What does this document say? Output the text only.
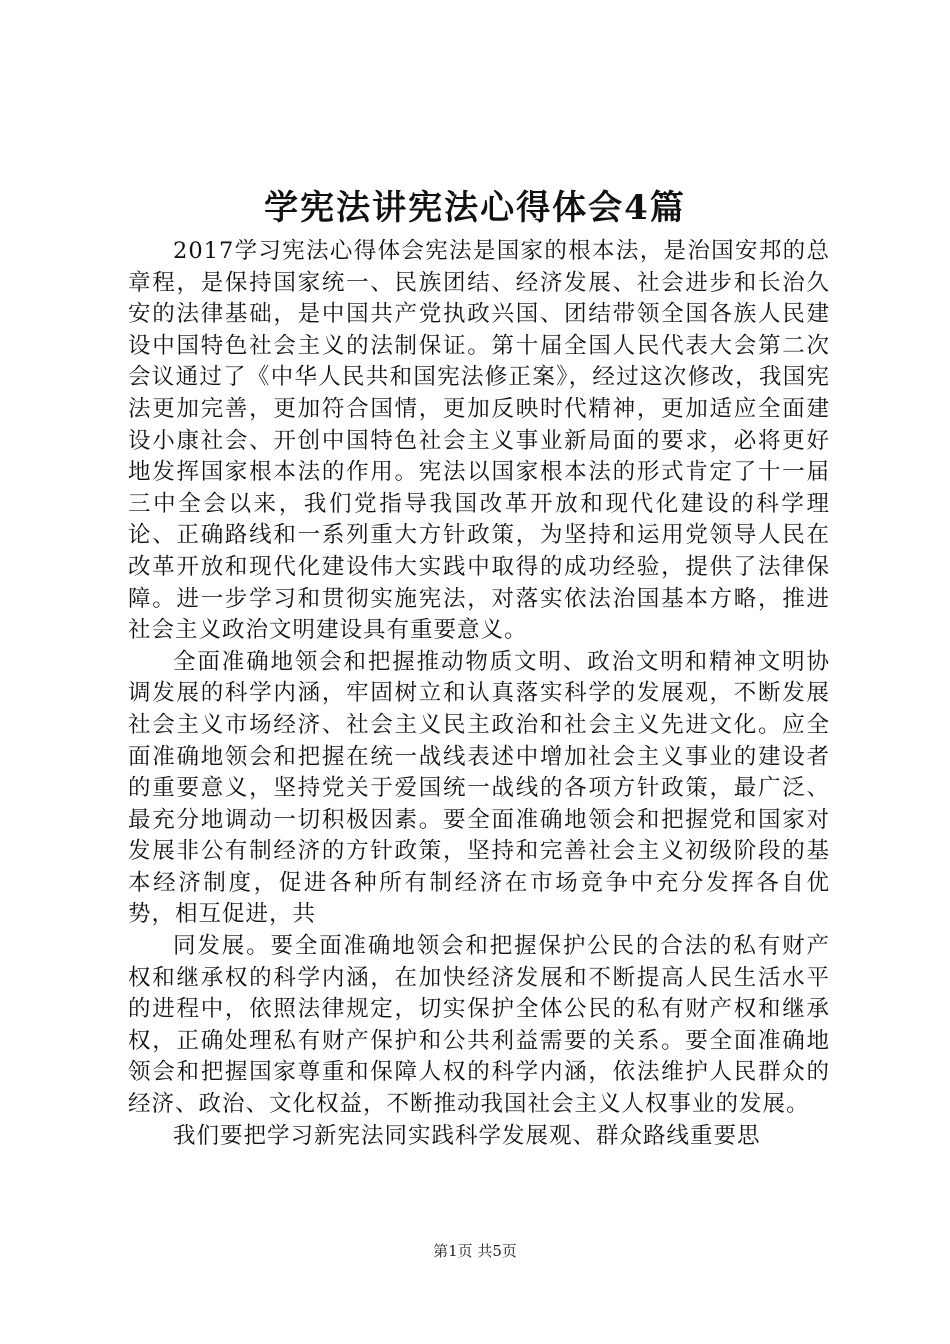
学宪法讲宪法心得体会4篇

2017学习宪法心得体会宪法是国家的根本法，是治国安邦的总章程，是保持国家统一、民族团结、经济发展、社会进步和长治久安的法律基础，是中国共产党执政兴国、团结带领全国各族人民建设中国特色社会主义的法制保证。第十届全国人民代表大会第二次会议通过了《中华人民共和国宪法修正案》，经过这次修改，我国宪法更加完善，更加符合国情，更加反映时代精神，更加适应全面建设小康社会、开创中国特色社会主义事业新局面的要求，必将更好地发挥国家根本法的作用。宪法以国家根本法的形式肯定了十一届三中全会以来，我们党指导我国改革开放和现代化建设的科学理论、正确路线和一系列重大方针政策，为坚持和运用党领导人民在改革开放和现代化建设伟大实践中取得的成功经验，提供了法律保障。进一步学习和贯彻实施宪法，对落实依法治国基本方略，推进社会主义政治文明建设具有重要意义。

全面准确地领会和把握推动物质文明、政治文明和精神文明协调发展的科学内涵，牢固树立和认真落实科学的发展观，不断发展社会主义市场经济、社会主义民主政治和社会主义先进文化。应全面准确地领会和把握在统一战线表述中增加社会主义事业的建设者的重要意义，坚持党关于爱国统一战线的各项方针政策，最广泛、最充分地调动一切积极因素。要全面准确地领会和把握党和国家对发展非公有制经济的方针政策，坚持和完善社会主义初级阶段的基本经济制度，促进各种所有制经济在市场竞争中充分发挥各自优势，相互促进，共

同发展。要全面准确地领会和把握保护公民的合法的私有财产权和继承权的科学内涵，在加快经济发展和不断提高人民生活水平的进程中，依照法律规定，切实保护全体公民的私有财产权和继承权，正确处理私有财产保护和公共利益需要的关系。要全面准确地领会和把握国家尊重和保障人权的科学内涵，依法维护人民群众的经济、政治、文化权益，不断推动我国社会主义人权事业的发展。

我们要把学习新宪法同实践科学发展观、群众路线重要思

第1页 共5页
